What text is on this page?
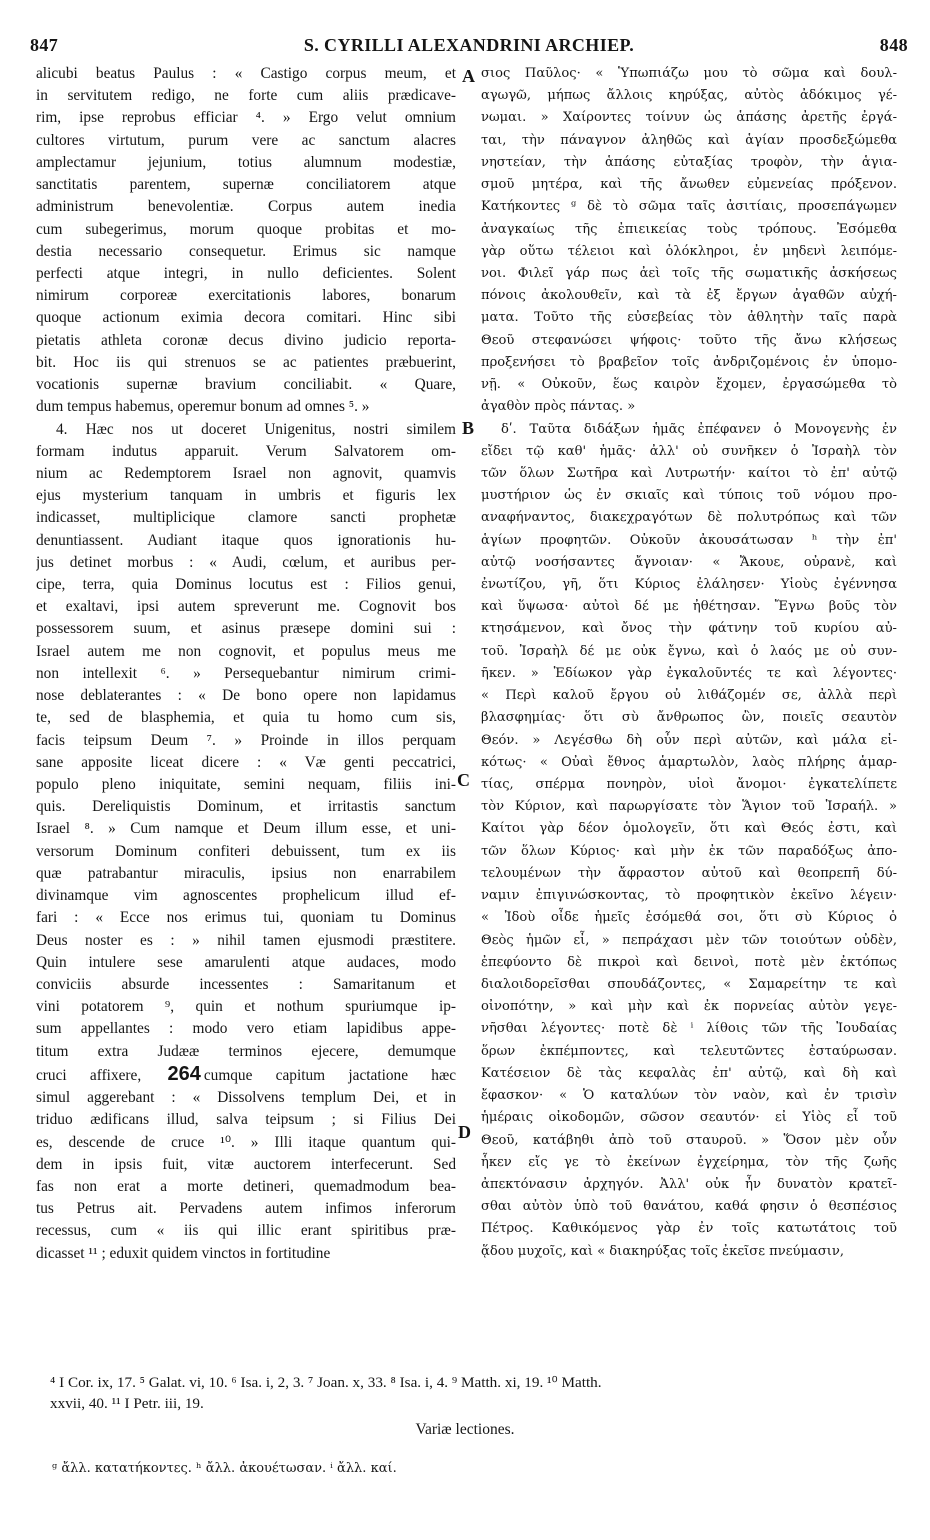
847	S. CYRILLI ALEXANDRINI ARCHIEP.	848
alicubi beatus Paulus : « Castigo corpus meum, et
in servitutem redigo, ne forte cum aliis prædicave-
rim, ipse reprobus efficiar ⁴. » Ergo velut omnium
cultores virtutum, purum vere ac sanctum alacres
amplectamur jejunium, totius alumnum modestiæ,
sanctitatis parentem, supernæ conciliatorem atque
administrum benevolentiæ. Corpus autem inedia
cum subegerimus, morum quoque probitas et mo-
destia necessario consequetur. Erimus sic namque
perfecti atque integri, in nullo deficientes. Solent
nimirum corporeæ exercitationis labores, bonarum
quoque actionum eximia decora comitari. Hinc sibi
pietatis athleta coronæ decus divino judicio reporta-
bit. Hoc iis qui strenuos se ac patientes præbuerint,
vocationis supernæ bravium conciliabit. « Quare,
dum tempus habemus, operemur bonum ad omnes ⁵. »
4. Hæc nos ut doceret Unigenitus, nostri similem
formam indutus apparuit. Verum Salvatorem om-
nium ac Redemptorem Israel non agnovit, quamvis
ejus mysterium tanquam in umbris et figuris lex
indicasset, multiplicique clamore sancti prophetæ
denuntiassent. Audiant itaque quos ignorationis hu-
jus detinet morbus : « Audi, cœlum, et auribus per-
cipe, terra, quia Dominus locutus est : Filios genui,
et exaltavi, ipsi autem spreverunt me. Cognovit bos
possessorem suum, et asinus præsepe domini sui :
Israel autem me non cognovit, et populus meus me
non intellexit ⁶. » Persequebantur nimirum crimi-
nose deblaterantes : « De bono opere non lapidamus
te, sed de blasphemia, et quia tu homo cum sis,
facis teipsum Deum ⁷. » Proinde in illos perquam
sane apposite liceat dicere : « Væ genti peccatrici,
populo pleno iniquitate, semini nequam, filiis ini-
quis. Dereliquistis Dominum, et irritastis sanctum
Israel ⁸. » Cum namque et Deum illum esse, et uni-
versorum Dominum confiteri debuissent, tum ex iis
quæ patrabantur miraculis, ipsius non enarrabilem
divinamque vim agnoscentes prophelicum illud ef-
fari : « Ecce nos erimus tui, quoniam tu Dominus
Deus noster es : » nihil tamen ejusmodi præstitere.
Quin intulere sese amarulenti atque audaces, modo
conviciis absurde incessentes : Samaritanum et
vini potatorem ⁹, quin et nothum spuriumque ip-
sum appellantes : modo vero etiam lapidibus appe-
titum extra Judææ terminos ejecere, demumque
cruci affixere, 264 cumque capitum jactatione hæc
simul aggerebant : « Dissolvens templum Dei, et in
triduo ædificans illud, salva teipsum ; si Filius Dei
es, descende de cruce ¹⁰. » Illi itaque quantum qui-
dem in ipsis fuit, vitæ auctorem interfecerunt. Sed
fas non erat a morte detineri, quemadmodum bea-
tus Petrus ait. Pervadens autem infimos inferorum
recessus, cum « iis qui illic erant spiritibus præ-
dicasset ¹¹ ; eduxit quidem vinctos in fortitudine
σιος Παῦλος· « Ὑπωπιάζω μου τὸ σῶμα καὶ δουλ-
αγωγῶ, μήπως ἄλλοις κηρύξας, αὐτὸς ἀδόκιμος γέ-
νωμαι. » Χαίροντες τοίνυν ὡς ἁπάσης ἀρετῆς ἐργά-
ται, τὴν πάναγνον ἀληθῶς καὶ ἁγίαν προσδεξώμεθα
νηστείαν, τὴν ἁπάσης εὐταξίας τροφὸν, τὴν ἁγια-
σμοῦ μητέρα, καὶ τῆς ἄνωθεν εὐμενείας πρόξενον.
Κατήκοντες ᵍ δὲ τὸ σῶμα ταῖς ἀσιτίαις, προσεπάγωμεν
ἀναγκαίως τῆς ἐπιεικείας τοὺς τρόπους. Ἐσόμεθα
γὰρ οὕτω τέλειοι καὶ ὁλόκληροι, ἐν μηδενὶ λειπόμε-
νοι. Φιλεῖ γάρ πως ἀεὶ τοῖς τῆς σωματικῆς ἀσκήσεως
πόνοις ἀκολουθεῖν, καὶ τὰ ἐξ ἔργων ἀγαθῶν αὐχή-
ματα. Τοῦτο τῆς εὐσεβείας τὸν ἀθλητὴν ταῖς παρὰ
Θεοῦ στεφανώσει ψήφοις· τοῦτο τῆς ἄνω κλήσεως
προξενήσει τὸ βραβεῖον τοῖς ἀνδριζομένοις ἐν ὑπομο-
νῇ. « Οὐκοῦν, ἕως καιρὸν ἔχομεν, ἐργασώμεθα τὸ
ἀγαθὸν πρὸς πάντας. »
δʹ. Ταῦτα διδάξων ἡμᾶς ἐπέφανεν ὁ Μονογενὴς ἐν
εἴδει τῷ καθ' ἡμᾶς· ἀλλ' οὐ συνῆκεν ὁ Ἰσραὴλ τὸν
τῶν ὅλων Σωτῆρα καὶ Λυτρωτήν· καίτοι τὸ ἐπ' αὐτῷ
μυστήριον ὡς ἐν σκιαῖς καὶ τύποις τοῦ νόμου προ-
αναφήναντος, διακεχραγότων δὲ πολυτρόπως καὶ τῶν
ἁγίων προφητῶν. Οὐκοῦν ἀκουσάτωσαν ʰ τὴν ἐπ'
αὐτῷ νοσήσαντες ἄγνοιαν· « Ἄκουε, οὐρανὲ, καὶ
ἐνωτίζου, γῆ, ὅτι Κύριος ἐλάλησεν· Υἱοὺς ἐγέννησα
καὶ ὕψωσα· αὐτοὶ δέ με ἠθέτησαν. Ἔγνω βοῦς τὸν
κτησάμενον, καὶ ὄνος τὴν φάτνην τοῦ κυρίου αὐ-
τοῦ. Ἰσραὴλ δέ με οὐκ ἔγνω, καὶ ὁ λαός με οὐ συν-
ῆκεν. » Ἐδίωκον γὰρ ἐγκαλοῦντές τε καὶ λέγοντες·
« Περὶ καλοῦ ἔργου οὐ λιθάζομέν σε, ἀλλὰ περὶ
βλασφημίας· ὅτι σὺ ἄνθρωπος ὢν, ποιεῖς σεαυτὸν
Θεόν. » Λεγέσθω δὴ οὖν περὶ αὐτῶν, καὶ μάλα εἰ-
κότως· « Οὐαὶ ἔθνος ἁμαρτωλὸν, λαὸς πλήρης ἁμαρ-
τίας, σπέρμα πονηρὸν, υἱοὶ ἄνομοι· ἐγκατελίπετε
τὸν Κύριον, καὶ παρωργίσατε τὸν Ἅγιον τοῦ Ἰσραήλ. »
Καίτοι γὰρ δέον ὁμολογεῖν, ὅτι καὶ Θεός ἐστι, καὶ
τῶν ὅλων Κύριος· καὶ μὴν ἐκ τῶν παραδόξως ἀπο-
τελουμένων τὴν ἄφραστον αὐτοῦ καὶ θεοπρεπῆ δύ-
ναμιν ἐπιγινώσκοντας, τὸ προφητικὸν ἐκεῖνο λέγειν·
« Ἰδοὺ οἶδε ἡμεῖς ἐσόμεθά σοι, ὅτι σὺ Κύριος ὁ
Θεὸς ἡμῶν εἶ, » πεπράχασι μὲν τῶν τοιούτων οὐδὲν,
ἐπεφύοντο δὲ πικροὶ καὶ δεινοὶ, ποτὲ μὲν ἐκτόπως
διαλοιδορεῖσθαι σπουδάζοντες, « Σαμαρείτην τε καὶ
οἰνοπότην, » καὶ μὴν καὶ ἐκ πορνείας αὐτὸν γεγε-
νῆσθαι λέγοντες· ποτὲ δὲ ⁱ λίθοις τῶν τῆς Ἰουδαίας
ὅρων ἐκπέμποντες, καὶ τελευτῶντες ἐσταύρωσαν.
Κατέσειον δὲ τὰς κεφαλὰς ἐπ' αὐτῷ, καὶ δὴ καὶ
ἔφασκον· « Ὁ καταλύων τὸν ναὸν, καὶ ἐν τρισὶν
ἡμέραις οἰκοδομῶν, σῶσον σεαυτόν· εἰ Υἱὸς εἶ τοῦ
Θεοῦ, κατάβηθι ἀπὸ τοῦ σταυροῦ. » Ὅσον μὲν οὖν
ἧκεν εἴς γε τὸ ἐκείνων ἐγχείρημα, τὸν τῆς ζωῆς
ἀπεκτόνασιν ἀρχηγόν. Ἀλλ' οὐκ ἦν δυνατὸν κρατεῖ-
σθαι αὐτὸν ὑπὸ τοῦ θανάτου, καθά φησιν ὁ θεσπέσιος
Πέτρος. Καθικόμενος γὰρ ἐν τοῖς κατωτάτοις τοῦ
ᾅδου μυχοῖς, καὶ « διακηρύξας τοῖς ἐκεῖσε πνεύμασιν,
A
B
C
D
⁴ I Cor. ix, 17. ⁵ Galat. vi, 10. ⁶ Isa. i, 2, 3. ⁷ Joan. x, 33. ⁸ Isa. i, 4. ⁹ Matth. xi, 19. ¹⁰ Matth.
xxvii, 40. ¹¹ I Petr. iii, 19.
Variæ lectiones.
ᵍ ἄλλ. κατατήκοντες. ʰ ἄλλ. ἀκουέτωσαν. ⁱ ἄλλ. καί.
